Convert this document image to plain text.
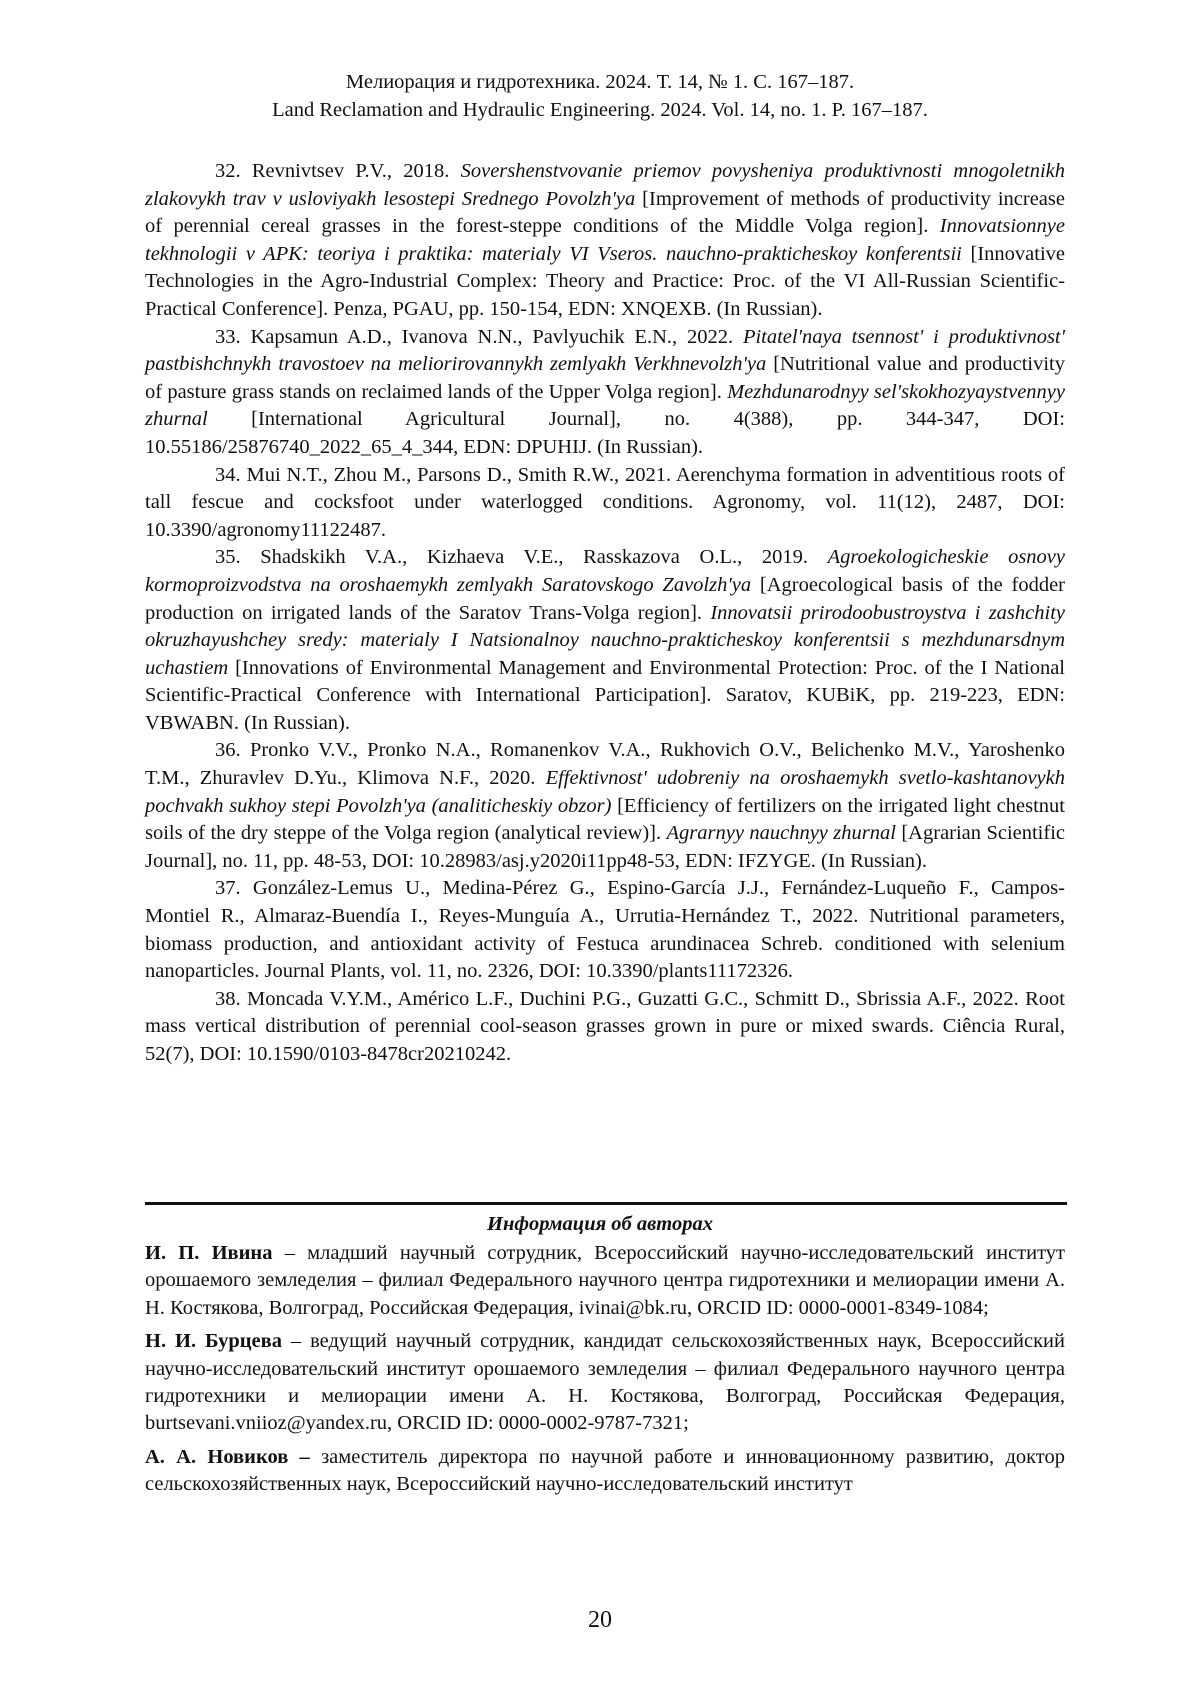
Мелиорация и гидротехника. 2024. Т. 14, № 1. С. 167–187.
Land Reclamation and Hydraulic Engineering. 2024. Vol. 14, no. 1. P. 167–187.

32. Revnivtsev P.V., 2018. Sovershenstvovanie priemov povysheniya produktivnosti mnogoletnikh zlakovykh trav v usloviyakh lesostepi Srednego Povolzh'ya [Improvement of methods of productivity increase of perennial cereal grasses in the forest-steppe conditions of the Middle Volga region]. Innovatsionnye tekhnologii v APK: teoriya i praktika: materialy VI Vseros. nauchno-prakticheskoy konferentsii [Innovative Technologies in the Agro-Industrial Complex: Theory and Practice: Proc. of the VI All-Russian Scientific-Practical Conference]. Penza, PGAU, pp. 150-154, EDN: XNQEXB. (In Russian).

33. Kapsamun A.D., Ivanova N.N., Pavlyuchik E.N., 2022. Pitatel'naya tsennost' i produktivnost' pastbishchnykh travostoev na meliorirovannykh zemlyakh Verkhnevolzh'ya [Nutritional value and productivity of pasture grass stands on reclaimed lands of the Upper Volga region]. Mezhdunarodnyy sel'skokhozyaystvennyy zhurnal [International Agricultural Journal], no. 4(388), pp. 344-347, DOI: 10.55186/25876740_2022_65_4_344, EDN: DPUHIJ. (In Russian).

34. Mui N.T., Zhou M., Parsons D., Smith R.W., 2021. Aerenchyma formation in adventitious roots of tall fescue and cocksfoot under waterlogged conditions. Agronomy, vol. 11(12), 2487, DOI: 10.3390/agronomy11122487.

35. Shadskikh V.A., Kizhaeva V.E., Rasskazova O.L., 2019. Agroekologicheskie osnovy kormoproizvodstva na oroshaemykh zemlyakh Saratovskogo Zavolzh'ya [Agroecological basis of the fodder production on irrigated lands of the Saratov Trans-Volga region]. Innovatsii prirodoobustroystva i zashchity okruzhayushchey sredy: materialy I Natsionalnoy nauchno-prakticheskoy konferentsii s mezhdunarsdnym uchastiem [Innovations of Environmental Management and Environmental Protection: Proc. of the I National Scientific-Practical Conference with International Participation]. Saratov, KUBiK, pp. 219-223, EDN: VBWABN. (In Russian).

36. Pronko V.V., Pronko N.A., Romanenkov V.A., Rukhovich O.V., Belichenko M.V., Yaroshenko T.M., Zhuravlev D.Yu., Klimova N.F., 2020. Effektivnost' udobreniy na oroshaemykh svetlo-kashtanovykh pochvakh sukhoy stepi Povolzh'ya (analiticheskiy obzor) [Efficiency of fertilizers on the irrigated light chestnut soils of the dry steppe of the Volga region (analytical review)]. Agrarnyy nauchnyy zhurnal [Agrarian Scientific Journal], no. 11, pp. 48-53, DOI: 10.28983/asj.y2020i11pp48-53, EDN: IFZYGE. (In Russian).

37. González-Lemus U., Medina-Pérez G., Espino-García J.J., Fernández-Luqueño F., Campos-Montiel R., Almaraz-Buendía I., Reyes-Munguía A., Urrutia-Hernández T., 2022. Nutritional parameters, biomass production, and antioxidant activity of Festuca arundinacea Schreb. conditioned with selenium nanoparticles. Journal Plants, vol. 11, no. 2326, DOI: 10.3390/plants11172326.

38. Moncada V.Y.M., Américo L.F., Duchini P.G., Guzatti G.C., Schmitt D., Sbrissia A.F., 2022. Root mass vertical distribution of perennial cool-season grasses grown in pure or mixed swards. Ciência Rural, 52(7), DOI: 10.1590/0103-8478cr20210242.

Информация об авторах

И. П. Ивина – младший научный сотрудник, Всероссийский научно-исследовательский институт орошаемого земледелия – филиал Федерального научного центра гидротехники и мелиорации имени А. Н. Костякова, Волгоград, Российская Федерация, ivinai@bk.ru, ORCID ID: 0000-0001-8349-1084;

Н. И. Бурцева – ведущий научный сотрудник, кандидат сельскохозяйственных наук, Всероссийский научно-исследовательский институт орошаемого земледелия – филиал Федерального научного центра гидротехники и мелиорации имени А. Н. Костякова, Волгоград, Российская Федерация, burtsevani.vniioz@yandex.ru, ORCID ID: 0000-0002-9787-7321;

А. А. Новиков – заместитель директора по научной работе и инновационному развитию, доктор сельскохозяйственных наук, Всероссийский научно-исследовательский институт

20
